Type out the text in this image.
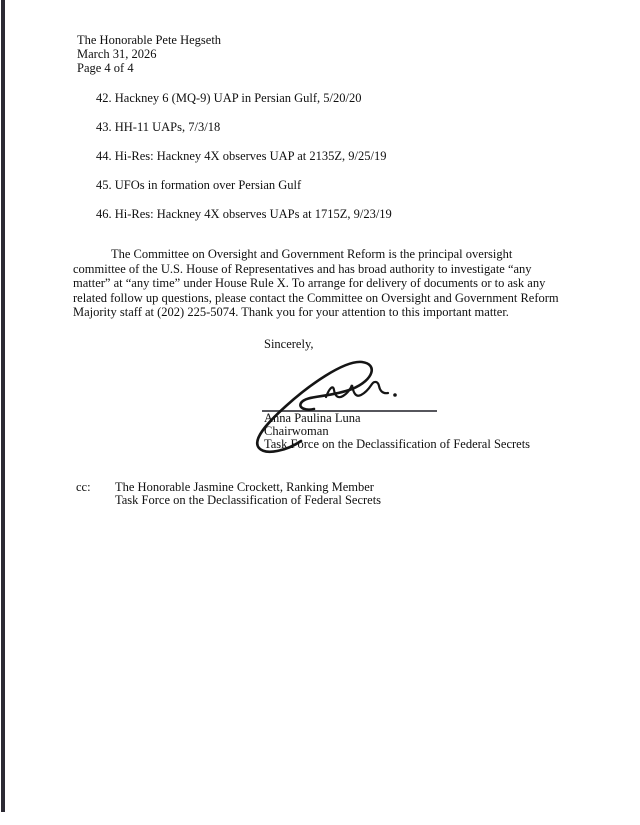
The Honorable Pete Hegseth
March 31, 2026
Page 4 of 4
42. Hackney 6 (MQ-9) UAP in Persian Gulf, 5/20/20
43. HH-11 UAPs, 7/3/18
44. Hi-Res: Hackney 4X observes UAP at 2135Z, 9/25/19
45. UFOs in formation over Persian Gulf
46. Hi-Res: Hackney 4X observes UAPs at 1715Z, 9/23/19
The Committee on Oversight and Government Reform is the principal oversight committee of the U.S. House of Representatives and has broad authority to investigate “any matter” at “any time” under House Rule X. To arrange for delivery of documents or to ask any related follow up questions, please contact the Committee on Oversight and Government Reform Majority staff at (202) 225-5074. Thank you for your attention to this important matter.
Sincerely,
Anna Paulina Luna
Chairwoman
Task Force on the Declassification of Federal Secrets
cc:	The Honorable Jasmine Crockett, Ranking Member
Task Force on the Declassification of Federal Secrets
